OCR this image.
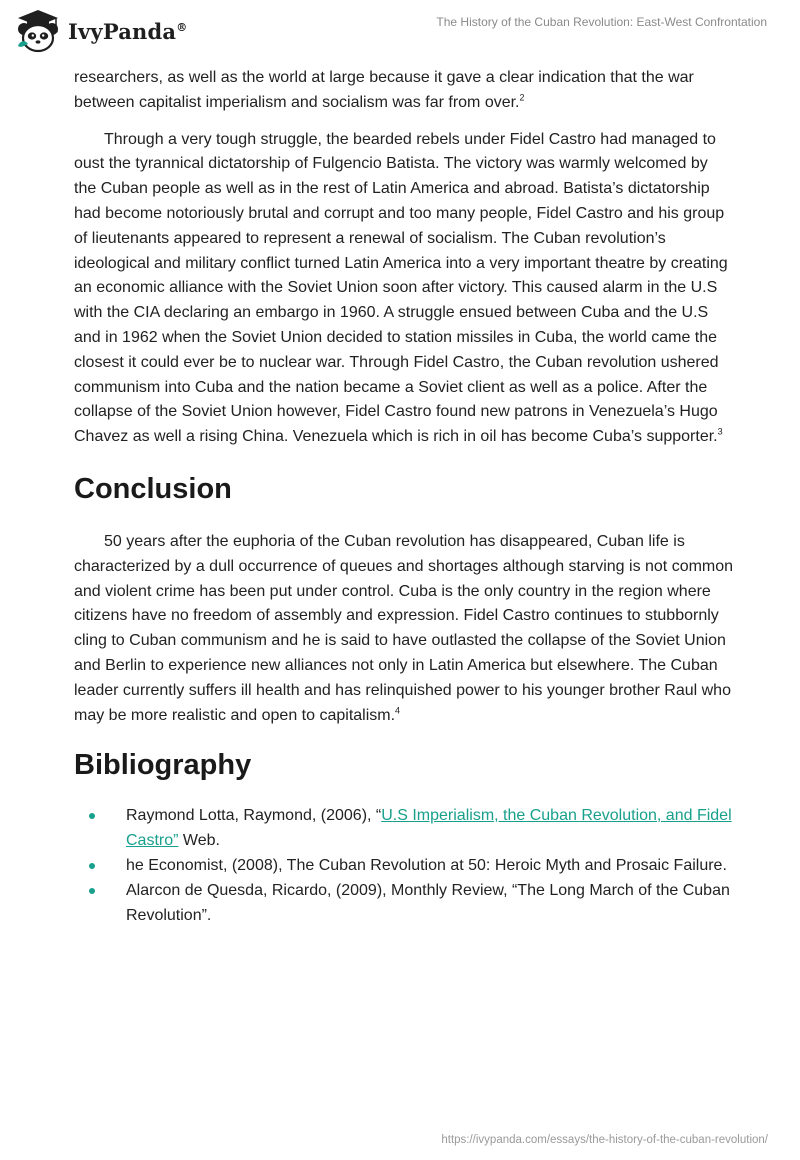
IvyPanda®	The History of the Cuban Revolution: East-West Confrontation

researchers, as well as the world at large because it gave a clear indication that the war between capitalist imperialism and socialism was far from over.$^2$

Through a very tough struggle, the bearded rebels under Fidel Castro had managed to oust the tyrannical dictatorship of Fulgencio Batista. The victory was warmly welcomed by the Cuban people as well as in the rest of Latin America and abroad. Batista’s dictatorship had become notoriously brutal and corrupt and too many people, Fidel Castro and his group of lieutenants appeared to represent a renewal of socialism. The Cuban revolution’s ideological and military conflict turned Latin America into a very important theatre by creating an economic alliance with the Soviet Union soon after victory. This caused alarm in the U.S with the CIA declaring an embargo in 1960. A struggle ensued between Cuba and the U.S and in 1962 when the Soviet Union decided to station missiles in Cuba, the world came the closest it could ever be to nuclear war. Through Fidel Castro, the Cuban revolution ushered communism into Cuba and the nation became a Soviet client as well as a police. After the collapse of the Soviet Union however, Fidel Castro found new patrons in Venezuela’s Hugo Chavez as well a rising China. Venezuela which is rich in oil has become Cuba’s supporter.$^3$

Conclusion

50 years after the euphoria of the Cuban revolution has disappeared, Cuban life is characterized by a dull occurrence of queues and shortages although starving is not common and violent crime has been put under control. Cuba is the only country in the region where citizens have no freedom of assembly and expression. Fidel Castro continues to stubbornly cling to Cuban communism and he is said to have outlasted the collapse of the Soviet Union and Berlin to experience new alliances not only in Latin America but elsewhere. The Cuban leader currently suffers ill health and has relinquished power to his younger brother Raul who may be more realistic and open to capitalism.$^4$

Bibliography
Raymond Lotta, Raymond, (2006), “U.S Imperialism, the Cuban Revolution, and Fidel Castro” Web.
he Economist, (2008), The Cuban Revolution at 50: Heroic Myth and Prosaic Failure.
Alarcon de Quesda, Ricardo, (2009), Monthly Review, “The Long March of the Cuban Revolution”.
https://ivypanda.com/essays/the-history-of-the-cuban-revolution/
